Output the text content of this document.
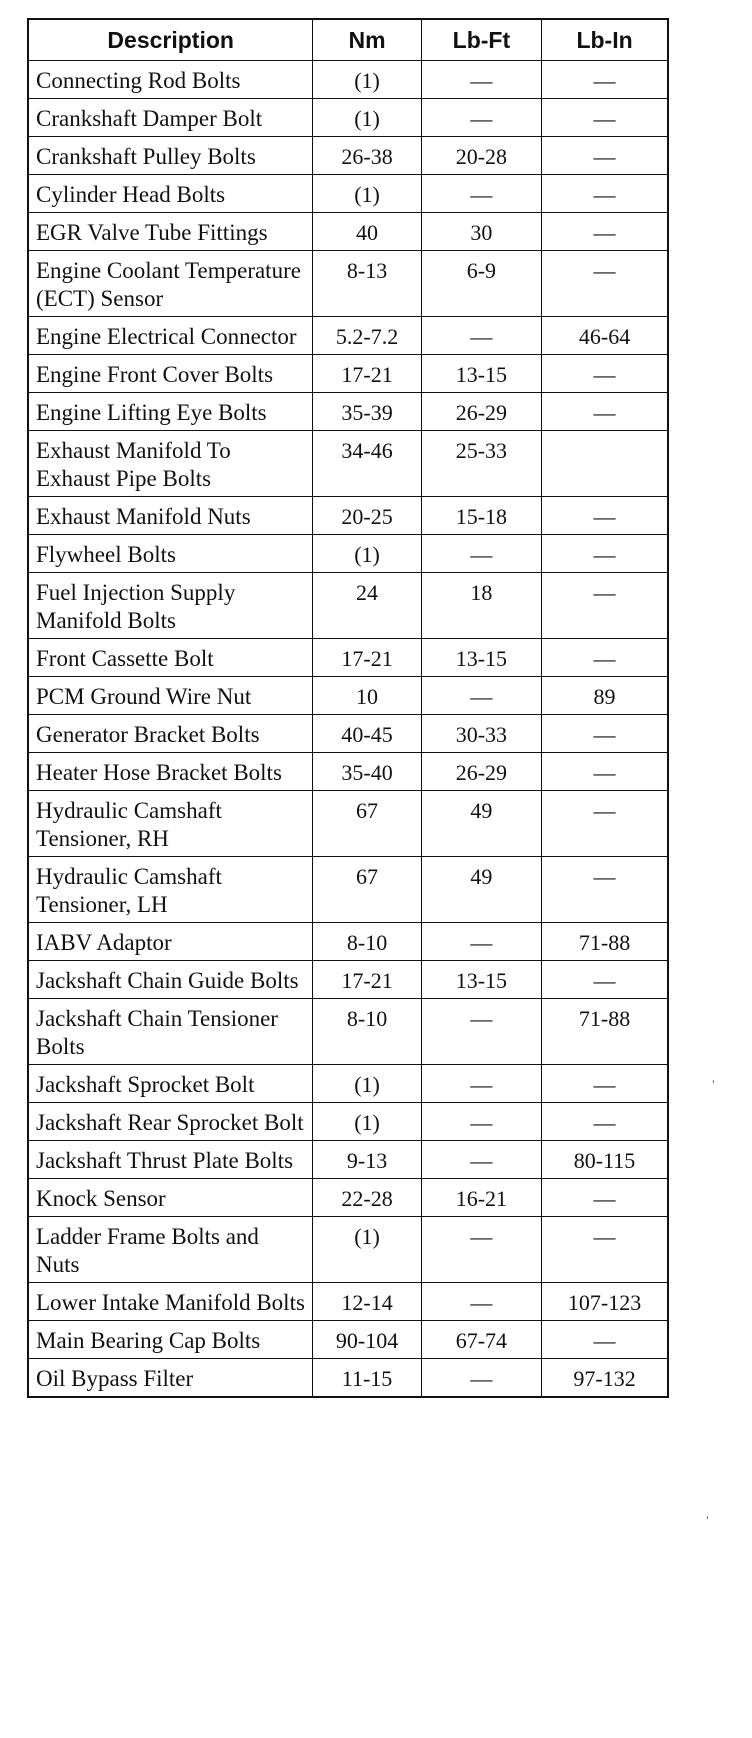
Description	Nm	Lb-Ft	Lb-In
Connecting Rod Bolts	(1)	—	—
Crankshaft Damper Bolt	(1)	—	—
Crankshaft Pulley Bolts	26-38	20-28	—
Cylinder Head Bolts	(1)	—	—
EGR Valve Tube Fittings	40	30	—
Engine Coolant Temperature (ECT) Sensor	8-13	6-9	—
Engine Electrical Connector	5.2-7.2	—	46-64
Engine Front Cover Bolts	17-21	13-15	—
Engine Lifting Eye Bolts	35-39	26-29	—
Exhaust Manifold To Exhaust Pipe Bolts	34-46	25-33	
Exhaust Manifold Nuts	20-25	15-18	—
Flywheel Bolts	(1)	—	—
Fuel Injection Supply Manifold Bolts	24	18	—
Front Cassette Bolt	17-21	13-15	—
PCM Ground Wire Nut	10	—	89
Generator Bracket Bolts	40-45	30-33	—
Heater Hose Bracket Bolts	35-40	26-29	—
Hydraulic Camshaft Tensioner, RH	67	49	—
Hydraulic Camshaft Tensioner, LH	67	49	—
IABV Adaptor	8-10	—	71-88
Jackshaft Chain Guide Bolts	17-21	13-15	—
Jackshaft Chain Tensioner Bolts	8-10	—	71-88
Jackshaft Sprocket Bolt	(1)	—	—
Jackshaft Rear Sprocket Bolt	(1)	—	—
Jackshaft Thrust Plate Bolts	9-13	—	80-115
Knock Sensor	22-28	16-21	—
Ladder Frame Bolts and Nuts	(1)	—	—
Lower Intake Manifold Bolts	12-14	—	107-123
Main Bearing Cap Bolts	90-104	67-74	—
Oil Bypass Filter	11-15	—	97-132
’
’
